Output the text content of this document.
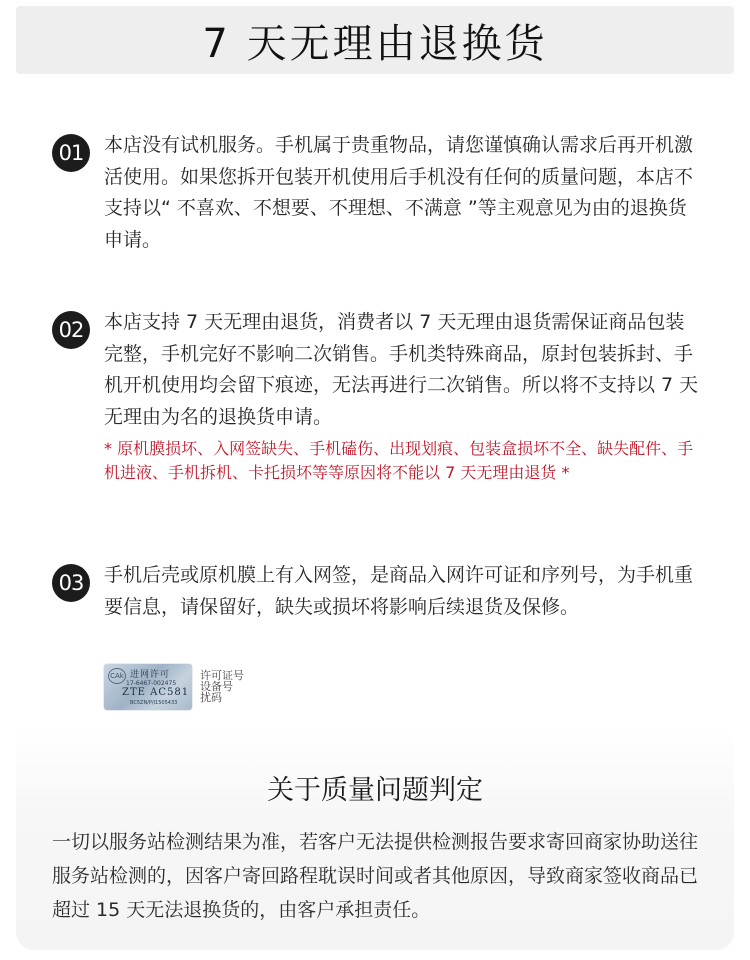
7 天无理由退换货
01	本店没有试机服务。手机属于贵重物品，请您谨慎确认需求后再开机激活使用。如果您拆开包装开机使用后手机没有任何的质量问题，本店不支持以“ 不喜欢、不想要、不理想、不满意 ”等主观意见为由的退换货申请。
02	本店支持 7 天无理由退货，消费者以 7 天无理由退货需保证商品包装完整，手机完好不影响二次销售。手机类特殊商品，原封包装拆封、手机开机使用均会留下痕迹，无法再进行二次销售。所以将不支持以 7 天无理由为名的退换货申请。
* 原机膜损坏、入网签缺失、手机磕伤、出现划痕、包装盒损坏不全、缺失配件、手机进液、手机拆机、卡托损坏等等原因将不能以 7 天无理由退货 *
03	手机后壳或原机膜上有入网签，是商品入网许可证和序列号，为手机重要信息，请保留好，缺失或损坏将影响后续退货及保修。
CAk 进网许可
17-6467-002475
ZTE AC581
BC5ZN/P/I1505433
许可证号
设备号
扰码
关于质量问题判定

一切以服务站检测结果为准，若客户无法提供检测报告要求寄回商家协助送往服务站检测的，因客户寄回路程耽误时间或者其他原因，导致商家签收商品已超过 15 天无法退换货的，由客户承担责任。
